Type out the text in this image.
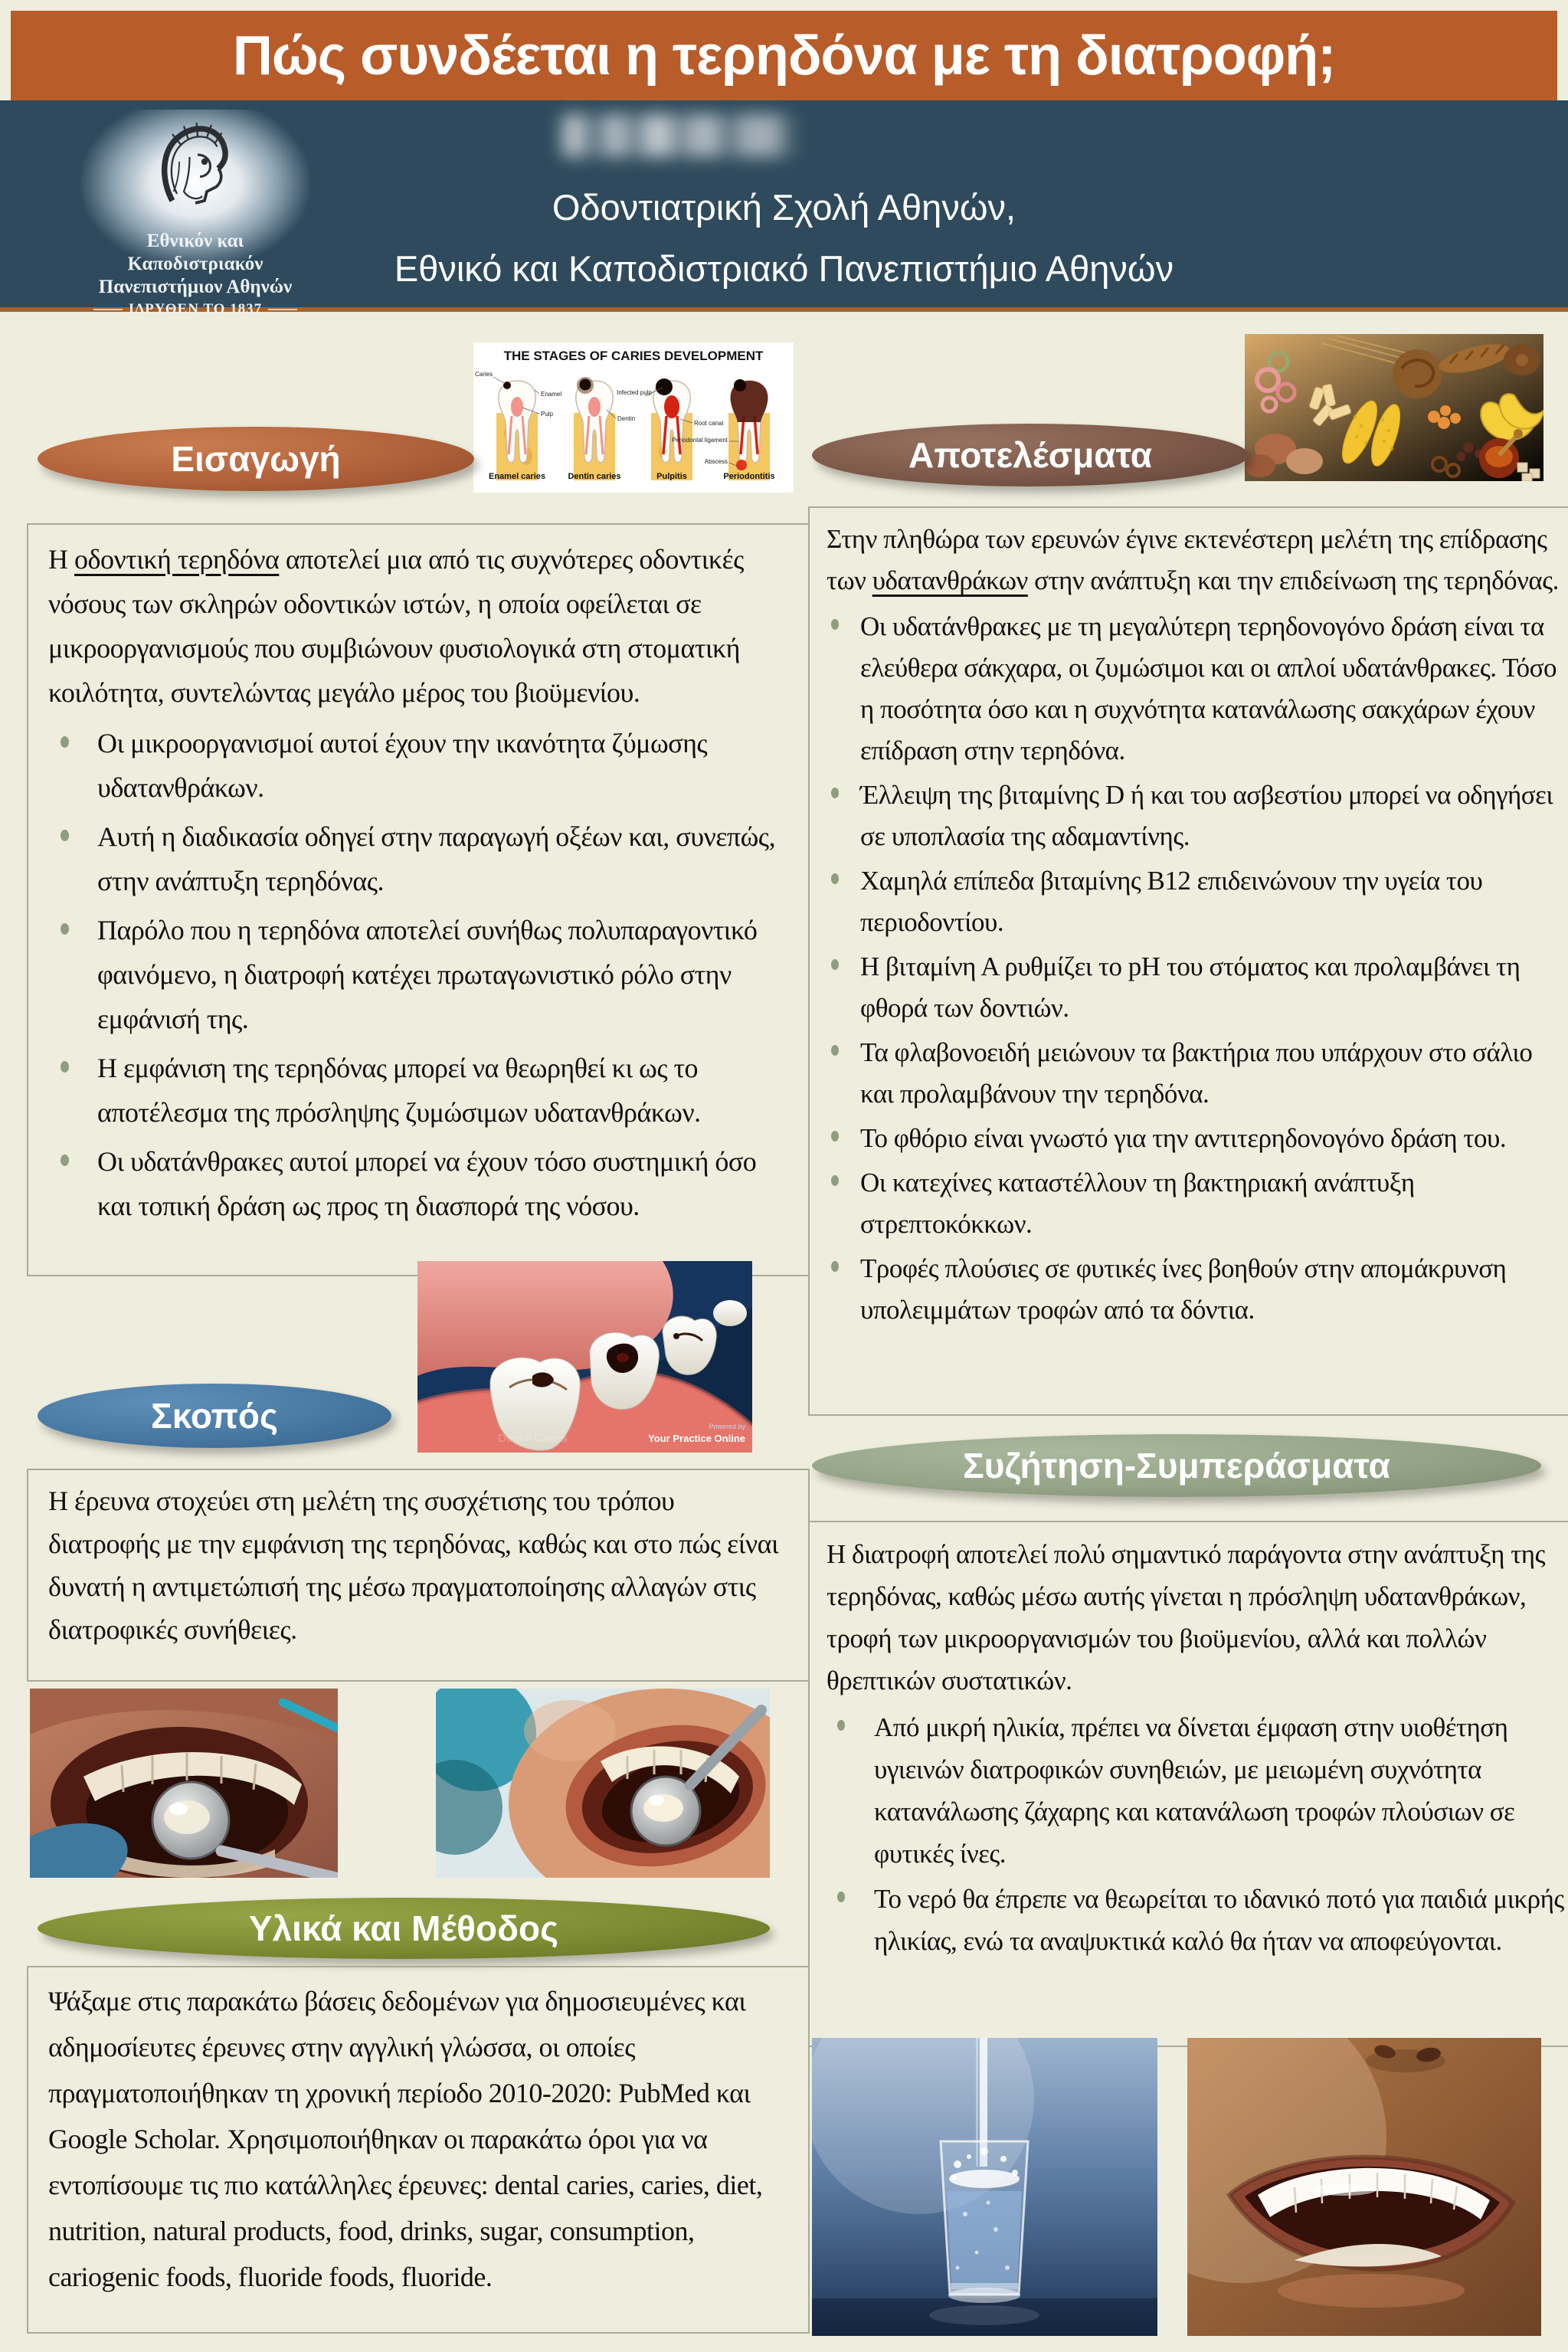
Πώς συνδέεται η τερηδόνα με τη διατροφή;
Εθνικόν και Καποδιστριακόν
Πανεπιστήμιον Αθηνών
ΙΔΡΥΘΕΝ ΤΟ 1837
Οδοντιατρική Σχολή Αθηνών,
Εθνικό και Καποδιστριακό Πανεπιστήμιο Αθηνών
THE STAGES OF CARIES DEVELOPMENT
Enamel caries	Dentin caries	Pulpitis	Periodontitis
Caries
Enamel
Pulp
Dentin
Infected pulp
Root canal
Periodontal ligament
Abscess
Εισαγωγή	Αποτελέσματα
Σκοπός
Υλικά και Μέθοδος
Συζήτηση-Συμπεράσματα

Η οδοντική τερηδόνα αποτελεί μια από τις συχνότερες οδοντικές νόσους των σκληρών οδοντικών ιστών, η οποία οφείλεται σε μικροοργανισμούς που συμβιώνουν φυσιολογικά στη στοματική κοιλότητα, συντελώντας μεγάλο μέρος του βιοϋμενίου.

Οι μικροοργανισμοί αυτοί έχουν την ικανότητα ζύμωσης υδατανθράκων.
Αυτή η διαδικασία οδηγεί στην παραγωγή οξέων και, συνεπώς, στην ανάπτυξη τερηδόνας.
Παρόλο που η τερηδόνα αποτελεί συνήθως πολυπαραγοντικό φαινόμενο, η διατροφή κατέχει πρωταγωνιστικό ρόλο στην εμφάνισή της.
Η εμφάνιση της τερηδόνας μπορεί να θεωρηθεί κι ως το αποτέλεσμα της πρόσληψης ζυμώσιμων υδατανθράκων.
Οι υδατάνθρακες αυτοί μπορεί να έχουν τόσο συστημική όσο και τοπική δράση ως προς τη διασπορά της νόσου.

Στην πληθώρα των ερευνών έγινε εκτενέστερη μελέτη της επίδρασης των υδατανθράκων στην ανάπτυξη και την επιδείνωση της τερηδόνας.

Οι υδατάνθρακες με τη μεγαλύτερη τερηδονογόνο δράση είναι τα ελεύθερα σάκχαρα, οι ζυμώσιμοι και οι απλοί υδατάνθρακες. Τόσο η ποσότητα όσο και η συχνότητα κατανάλωσης σακχάρων έχουν επίδραση στην τερηδόνα.
Έλλειψη της βιταμίνης D ή και του ασβεστίου μπορεί να οδηγήσει σε υποπλασία της αδαμαντίνης.
Χαμηλά επίπεδα βιταμίνης Β12 επιδεινώνουν την υγεία του περιοδοντίου.
Η βιταμίνη Α ρυθμίζει το pH του στόματος και προλαμβάνει τη φθορά των δοντιών.
Τα φλαβονοειδή μειώνουν τα βακτήρια που υπάρχουν στο σάλιο και προλαμβάνουν την τερηδόνα.
Το φθόριο είναι γνωστό για την αντιτερηδονογόνο δράση του.
Οι κατεχίνες καταστέλλουν τη βακτηριακή ανάπτυξη στρεπτοκόκκων.
Τροφές πλούσιες σε φυτικές ίνες βοηθούν στην απομάκρυνση υπολειμμάτων τροφών από τα δόντια.
Dental Caries
Powered by
Your Practice Online

Η έρευνα στοχεύει στη μελέτη της συσχέτισης του τρόπου διατροφής με την εμφάνιση της τερηδόνας, καθώς και στο πώς είναι δυνατή η αντιμετώπισή της μέσω πραγματοποίησης αλλαγών στις διατροφικές συνήθειες.

Η διατροφή αποτελεί πολύ σημαντικό παράγοντα στην ανάπτυξη της τερηδόνας, καθώς μέσω αυτής γίνεται η πρόσληψη υδατανθράκων, τροφή των μικροοργανισμών του βιοϋμενίου, αλλά και πολλών θρεπτικών συστατικών.

Από μικρή ηλικία, πρέπει να δίνεται έμφαση στην υιοθέτηση υγιεινών διατροφικών συνηθειών, με μειωμένη συχνότητα κατανάλωσης ζάχαρης και κατανάλωση τροφών πλούσιων σε φυτικές ίνες.
Το νερό θα έπρεπε να θεωρείται το ιδανικό ποτό για παιδιά μικρής ηλικίας, ενώ τα αναψυκτικά καλό θα ήταν να αποφεύγονται.

Ψάξαμε στις παρακάτω βάσεις δεδομένων για δημοσιευμένες και αδημοσίευτες έρευνες στην αγγλική γλώσσα, οι οποίες πραγματοποιήθηκαν τη χρονική περίοδο 2010-2020: PubMed και Google Scholar. Χρησιμοποιήθηκαν οι παρακάτω όροι για να εντοπίσουμε τις πιο κατάλληλες έρευνες: dental caries, caries, diet, nutrition, natural products, food, drinks, sugar, consumption, cariogenic foods, fluoride foods, fluoride.
